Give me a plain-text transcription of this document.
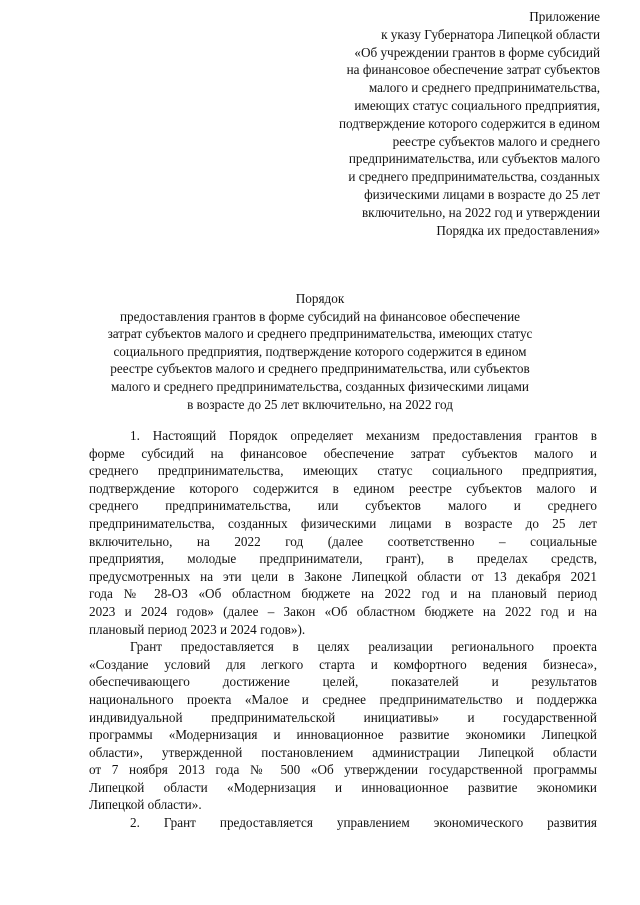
Приложение
к указу Губернатора Липецкой области
«Об учреждении грантов в форме субсидий
на финансовое обеспечение затрат субъектов
малого и среднего предпринимательства,
имеющих статус социального предприятия,
подтверждение которого содержится в едином
реестре субъектов малого и среднего
предпринимательства, или субъектов малого
и среднего предпринимательства, созданных
физическими лицами в возрасте до 25 лет
включительно, на 2022 год и утверждении
Порядка их предоставления»
Порядок
предоставления грантов в форме субсидий на финансовое обеспечение
затрат субъектов малого и среднего предпринимательства, имеющих статус
социального предприятия, подтверждение которого содержится в едином
реестре субъектов малого и среднего предпринимательства, или субъектов
малого и среднего предпринимательства, созданных физическими лицами
в возрасте до 25 лет включительно, на 2022 год
1. Настоящий Порядок определяет механизм предоставления грантов в
форме субсидий на финансовое обеспечение затрат субъектов малого и
среднего предпринимательства, имеющих статус социального предприятия,
подтверждение которого содержится в едином реестре субъектов малого и
среднего предпринимательства, или субъектов малого и среднего
предпринимательства, созданных физическими лицами в возрасте до 25 лет
включительно, на 2022 год (далее соответственно – социальные
предприятия, молодые предприниматели, грант), в пределах средств,
предусмотренных на эти цели в Законе Липецкой области от 13 декабря 2021
года № 28-ОЗ «Об областном бюджете на 2022 год и на плановый период
2023 и 2024 годов» (далее – Закон «Об областном бюджете на 2022 год и на
плановый период 2023 и 2024 годов»).
Грант предоставляется в целях реализации регионального проекта
«Создание условий для легкого старта и комфортного ведения бизнеса»,
обеспечивающего достижение целей, показателей и результатов
национального проекта «Малое и среднее предпринимательство и поддержка
индивидуальной предпринимательской инициативы» и государственной
программы «Модернизация и инновационное развитие экономики Липецкой
области», утвержденной постановлением администрации Липецкой области
от 7 ноября 2013 года № 500 «Об утверждении государственной программы
Липецкой области «Модернизация и инновационное развитие экономики
Липецкой области».
2. Грант предоставляется управлением экономического развития
